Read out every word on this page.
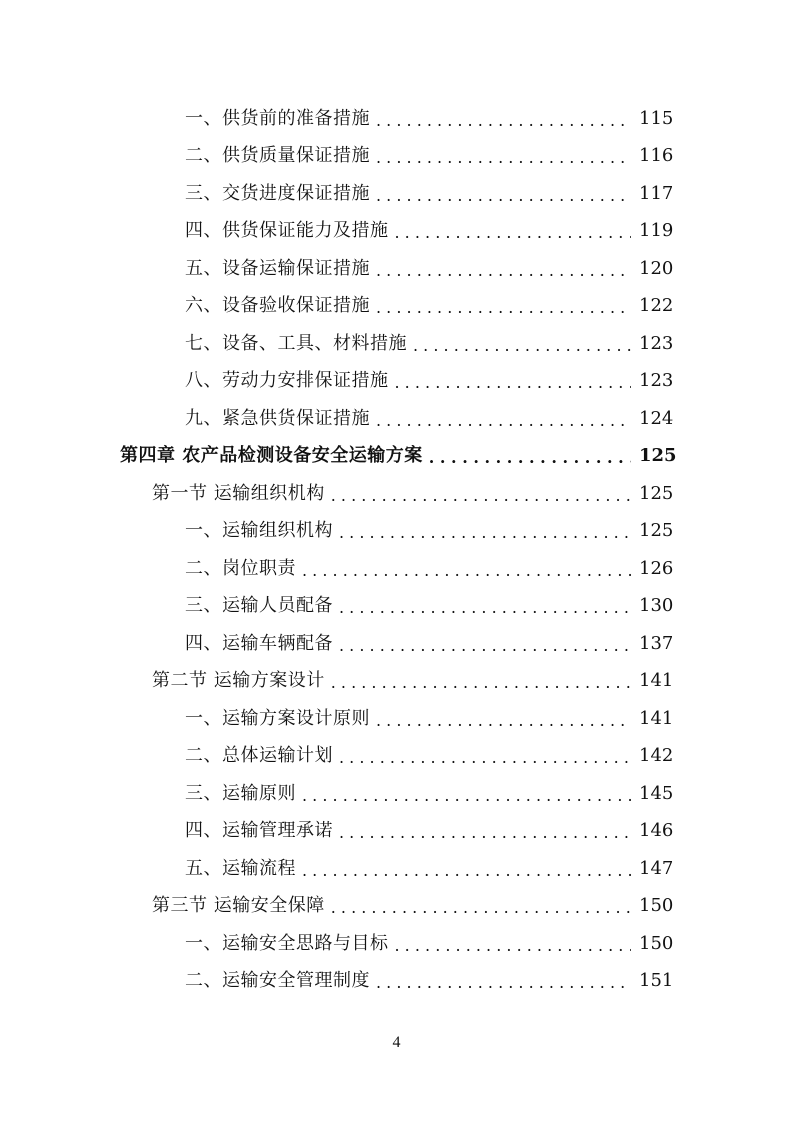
一、供货前的准备措施 . . .	115
二、供货质量保证措施 . . .	116
三、交货进度保证措施 . . .	117
四、供货保证能力及措施 . . .	119
五、设备运输保证措施 . . .	120
六、设备验收保证措施 . . .	122
七、设备、工具、材料措施 . . .	123
八、劳动力安排保证措施 . . .	123
九、紧急供货保证措施 . . .	124
第四章 农产品检测设备安全运输方案 . . .	125
第一节 运输组织机构 . . .	125
一、运输组织机构 . . .	125
二、岗位职责 . . .	126
三、运输人员配备 . . .	130
四、运输车辆配备 . . .	137
第二节 运输方案设计 . . .	141
一、运输方案设计原则 . . .	141
二、总体运输计划 . . .	142
三、运输原则 . . .	145
四、运输管理承诺 . . .	146
五、运输流程 . . .	147
第三节 运输安全保障 . . .	150
一、运输安全思路与目标 . . .	150
二、运输安全管理制度 . . .	151
4
